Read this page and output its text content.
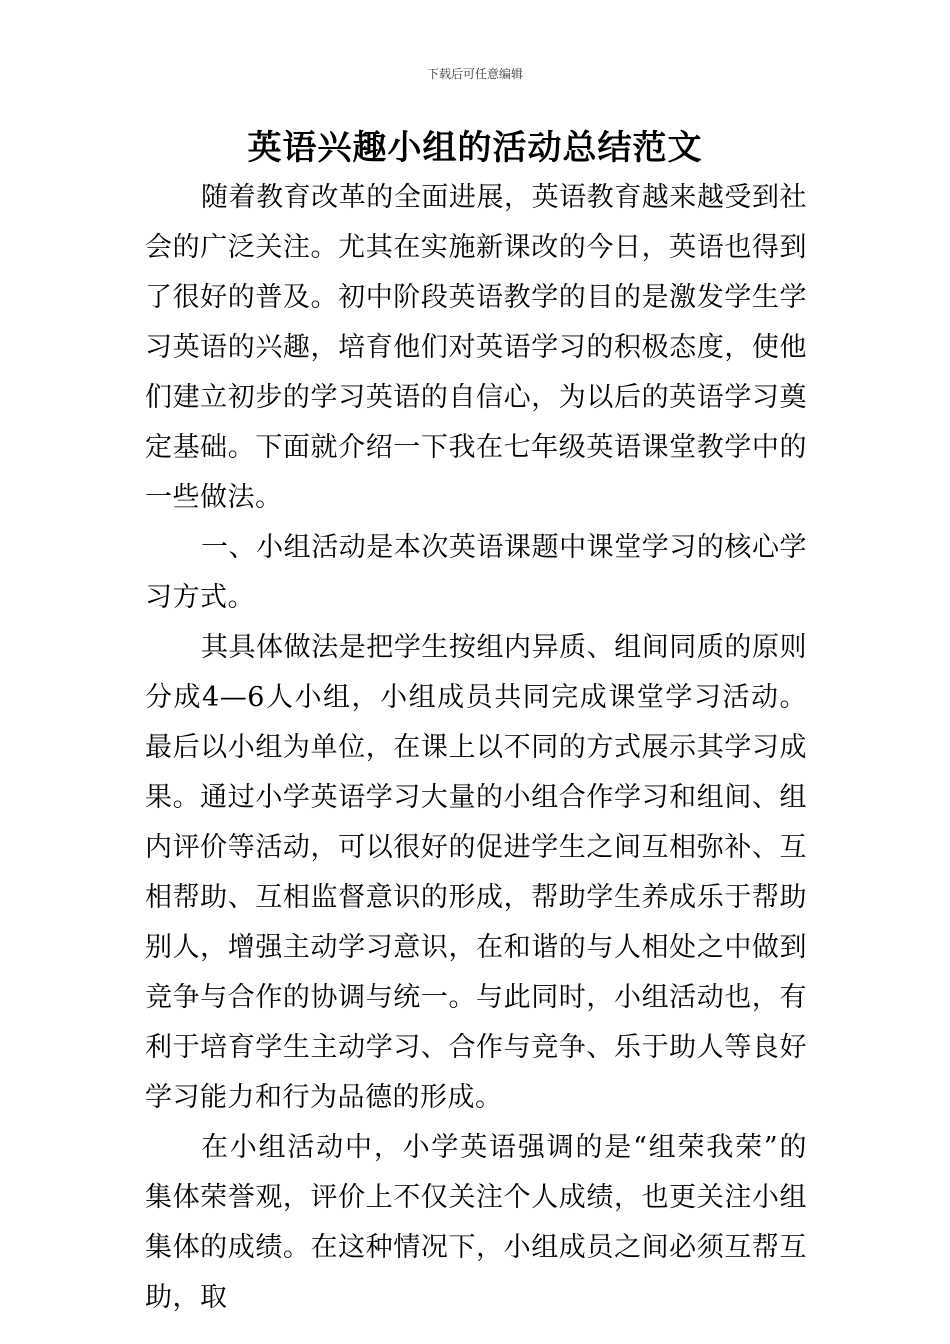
下载后可任意编辑
英语兴趣小组的活动总结范文

随着教育改革的全面进展，英语教育越来越受到社会的广泛关注。尤其在实施新课改的今日，英语也得到了很好的普及。初中阶段英语教学的目的是激发学生学习英语的兴趣，培育他们对英语学习的积极态度，使他们建立初步的学习英语的自信心，为以后的英语学习奠定基础。下面就介绍一下我在七年级英语课堂教学中的一些做法。

一、小组活动是本次英语课题中课堂学习的核心学习方式。

其具体做法是把学生按组内异质、组间同质的原则分成4—6人小组，小组成员共同完成课堂学习活动。最后以小组为单位，在课上以不同的方式展示其学习成果。通过小学英语学习大量的小组合作学习和组间、组内评价等活动，可以很好的促进学生之间互相弥补、互相帮助、互相监督意识的形成，帮助学生养成乐于帮助别人，增强主动学习意识，在和谐的与人相处之中做到竞争与合作的协调与统一。与此同时，小组活动也，有利于培育学生主动学习、合作与竞争、乐于助人等良好学习能力和行为品德的形成。

在小组活动中，小学英语强调的是“组荣我荣”的集体荣誉观，评价上不仅关注个人成绩，也更关注小组集体的成绩。在这种情况下，小组成员之间必须互帮互助，取
